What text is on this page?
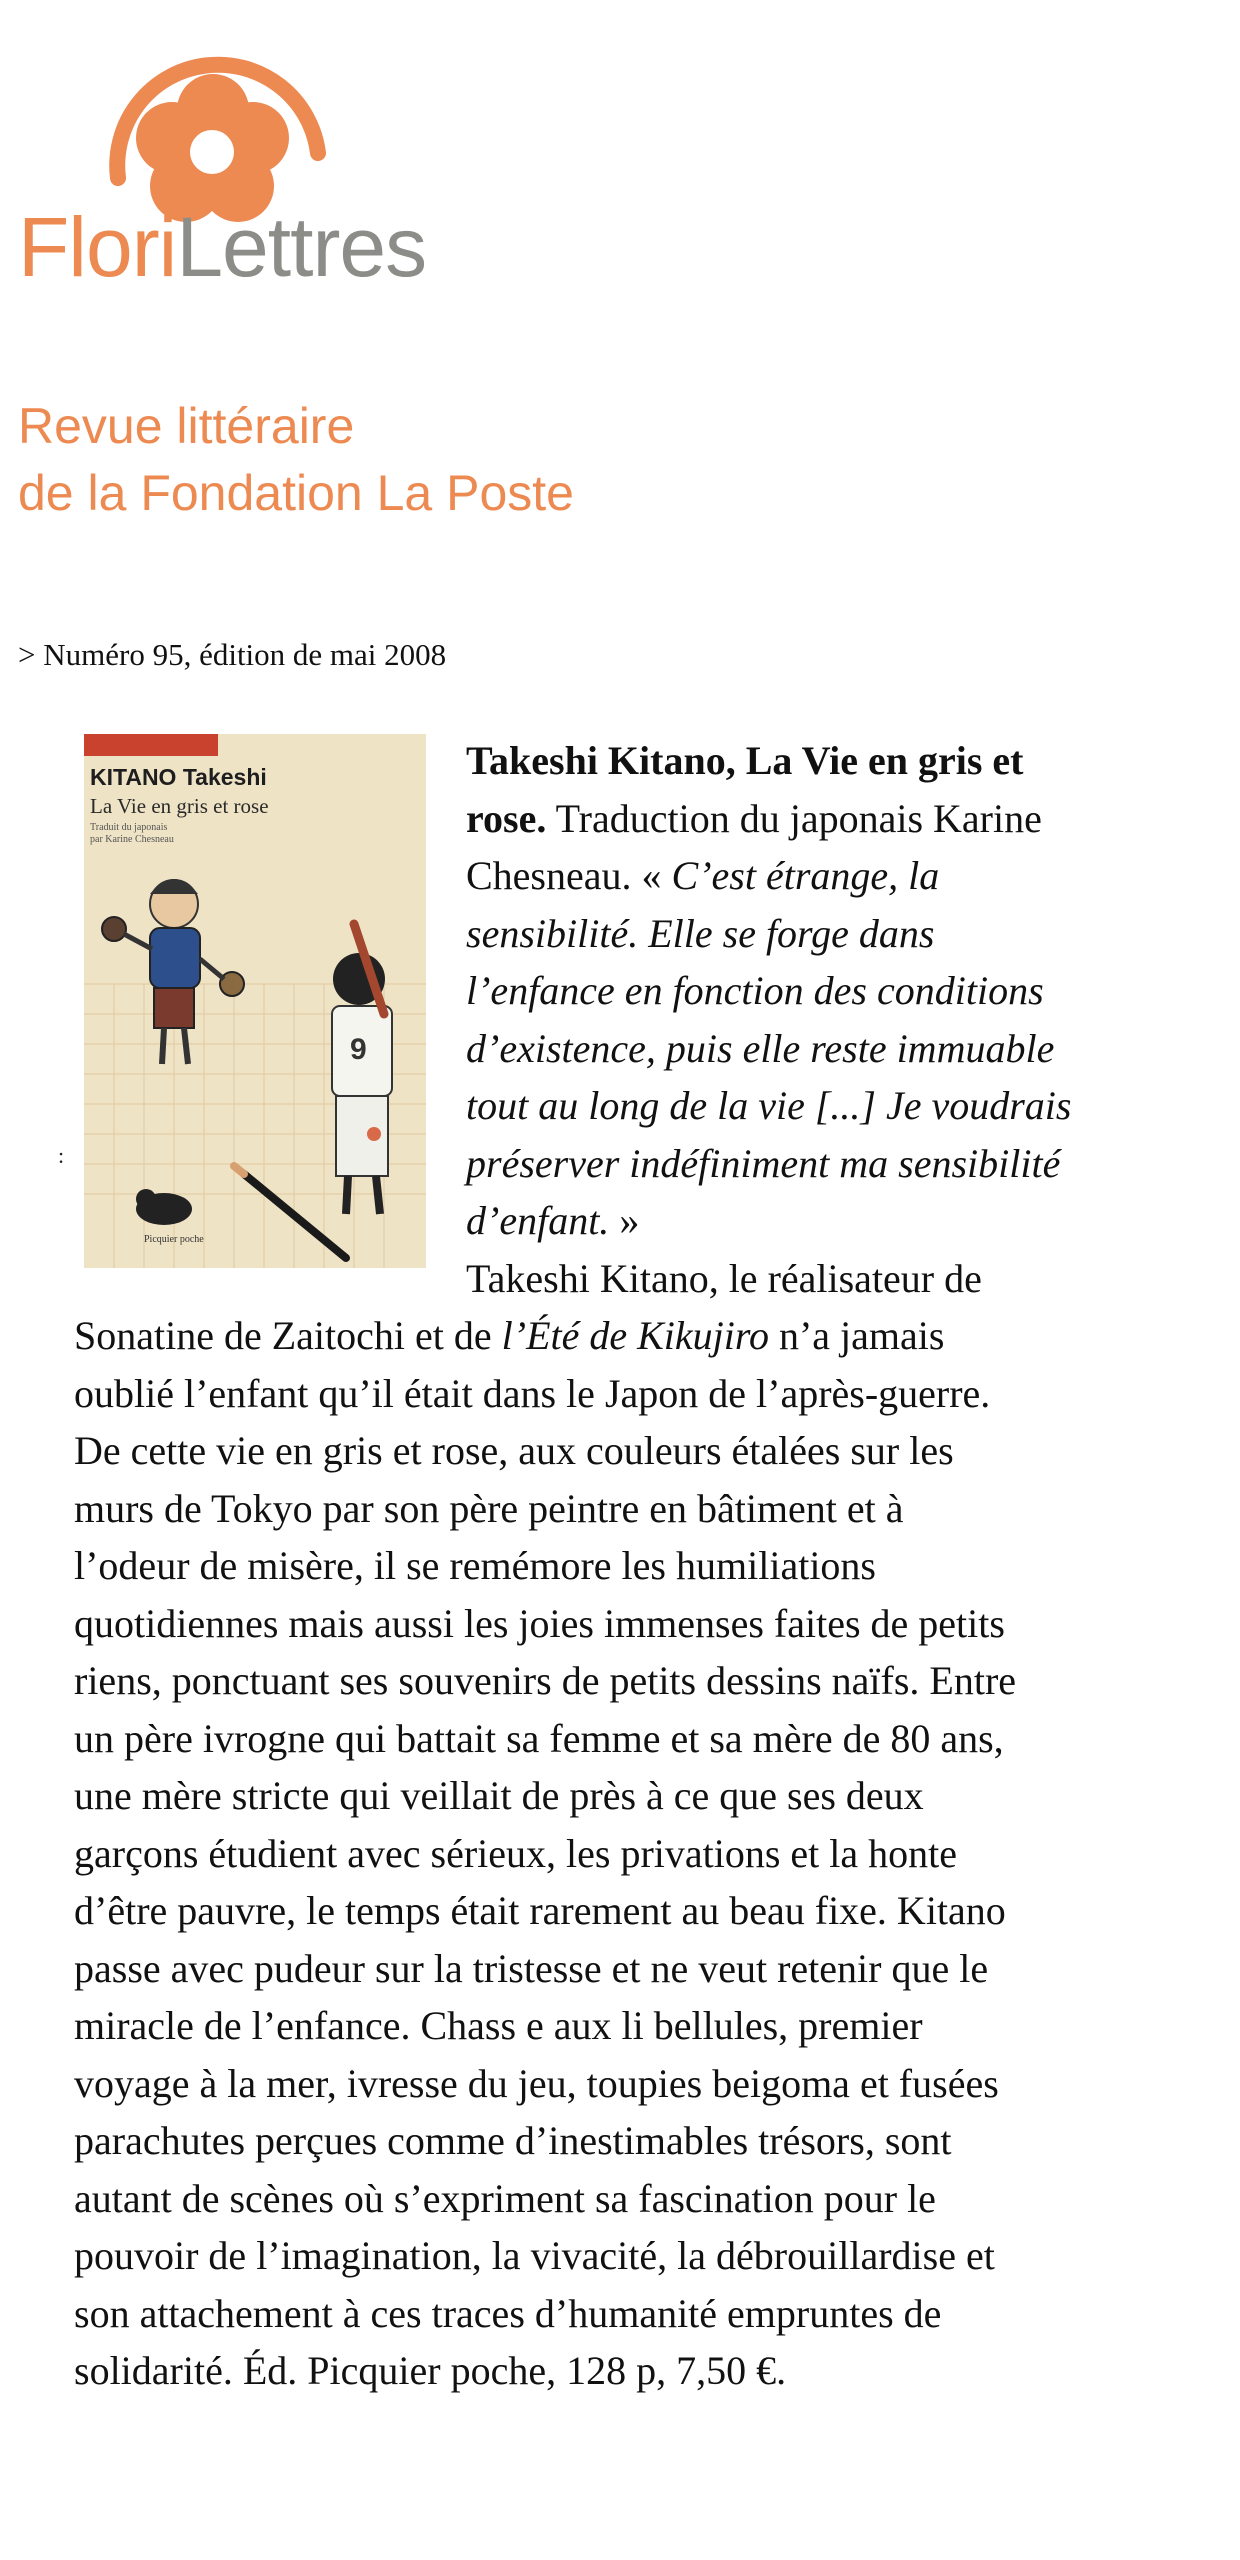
FloriLettres
Revue littéraire
de la Fondation La Poste
> Numéro 95, édition de mai 2008
9
KITANO Takeshi
La Vie en gris et rose
Traduit du japonais
par Karine Chesneau
Picquier poche
:
Takeshi Kitano, La Vie en gris et
rose. Traduction du japonais Karine
Chesneau. « C’est étrange, la
sensibilité. Elle se forge dans
l’enfance en fonction des conditions
d’existence, puis elle reste immuable
tout au long de la vie [...] Je voudrais
préserver indéfiniment ma sensibilité
d’enfant. »
Takeshi Kitano, le réalisateur de
Sonatine de Zaitochi et de l’Été de Kikujiro n’a jamais
oublié l’enfant qu’il était dans le Japon de l’après-guerre.
De cette vie en gris et rose, aux couleurs étalées sur les
murs de Tokyo par son père peintre en bâtiment et à
l’odeur de misère, il se remémore les humiliations
quotidiennes mais aussi les joies immenses faites de petits
riens, ponctuant ses souvenirs de petits dessins naïfs. Entre
un père ivrogne qui battait sa femme et sa mère de 80 ans,
une mère stricte qui veillait de près à ce que ses deux
garçons étudient avec sérieux, les privations et la honte
d’être pauvre, le temps était rarement au beau fixe. Kitano
passe avec pudeur sur la tristesse et ne veut retenir que le
miracle de l’enfance. Chass e aux li bellules, premier
voyage à la mer, ivresse du jeu, toupies beigoma et fusées
parachutes perçues comme d’inestimables trésors, sont
autant de scènes où s’expriment sa fascination pour le
pouvoir de l’imagination, la vivacité, la débrouillardise et
son attachement à ces traces d’humanité empruntes de
solidarité. Éd. Picquier poche, 128 p, 7,50 €.
